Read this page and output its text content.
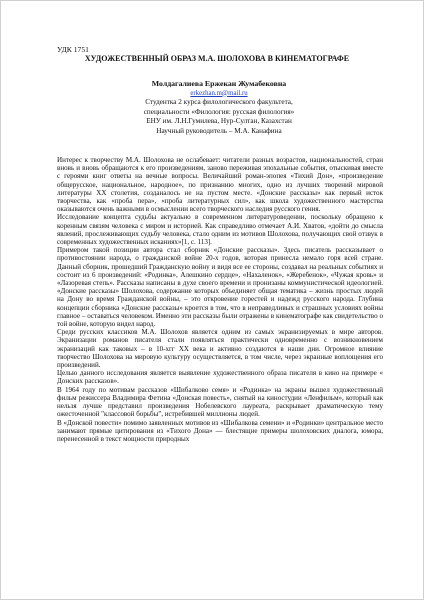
УДК 1751
ХУДОЖЕСТВЕННЫЙ ОБРАЗ М.А. ШОЛОХОВА В КИНЕМАТОГРАФЕ
Молдагалиева Ержекан Жумабековна
erkezhan.m@mail.ru
Студентка 2 курса филологического факультета,
специальности «Филология: русская филология»
ЕНУ им. Л.Н.Гумилева, Нур-Султан, Казахстан
Научный руководитель – М.А. Канафина

Интерес к творчеству М.А. Шолохова не ослабевает: читатели разных возрастов, национальностей, стран вновь и вновь обращаются к его произведениям, заново переживая эпохальные события, отыскивая вместе с героями книг ответы на вечные вопросы. Величайший роман-эпопея «Тихий Дон», «произведение общерусское, национальное, народное», по признанию многих, одно из лучших творений мировой литературы XX столетия, созданалось не на пустом месте. «Донские рассказы» как первый исток творчества, как «проба пера», «проба литературных сил», как школа художественного мастерства оказываются очень важными в осмыслении всего творческого наследия русского гения.

Исследование концепта судьбы актуально в современном литературоведении, поскольку обращено к коренным связям человека с миром и историей. Как справедливо отмечает А.И. Хватов, «дойти до смысла явлений, прослеживающих судьбу человека, стало одним из мотивов Шолохова, получающих свой отзвук в современных художественных исканиях»[1, с. 113].

Примером такой позиции автора стал сборник «Донские рассказы». Здесь писатель рассказывает о противостоянии народа, о гражданской войне 20-х годов, которая принесла немало горя всей стране. Данный сборник, прошедший Гражданскую войну и видя все ее стороны, создавал на реальных событиях и состоит из 6 произведений: «Родинка», Алешкино сердце», «Нахаленок», «Жеребенок», «Чужая кровь» и «Лазоревая степь». Рассказы написаны в духе своего времени и пронизаны коммунистической идеологией. «Донские рассказы» Шолохова, содержание которых объединяет общая тематика – жизнь простых людей на Дону во время Гражданской войны, – это откровение горестей и надежд русского народа. Глубина концепции сборника «Донские рассказы» кроется в том, что в неправедливых и страшных условиях войны главное – оставаться человеком. Именно эти рассказы были отражены в кинематографе как свидетельство о той войне, которую видел народ.

Среди русских классиков М.А. Шолохов является одним из самых экранизируемых в мире авторов. Экранизации романов писателя стали появляться практически одновременно с возникновением экранизаций как таковых – в 10-хгг XX века и активно создаются в наши дни. Огромное влияние творчество Шолохова на мировую культуру осуществляется, в том числе, через экранные воплощения его произведений.

Целью данного исследования является выявление художественного образа писателя в кино на примере « Донских рассказов».

В 1964 году по мотивам рассказов «Шибалково семя» и «Родинка» на экраны вышел художественный фильм режиссера Владимира Фетина «Донская повесть», снятый на киностудии «Ленфильм», который как нельзя лучше представил произведения Нобелевского лауреата, раскрывает драматическую тему ожесточенной "классовой борьбы", истребившей миллионы людей.

В «Донской повести» помимо заявленных мотивов из «Шибалкова семени» и «Родинки» центральное место занимают прямые цитирования из «Тихого Дона» — блестящие примеры шолоховских диалога, юмора, перенесенной в текст мощности природных
